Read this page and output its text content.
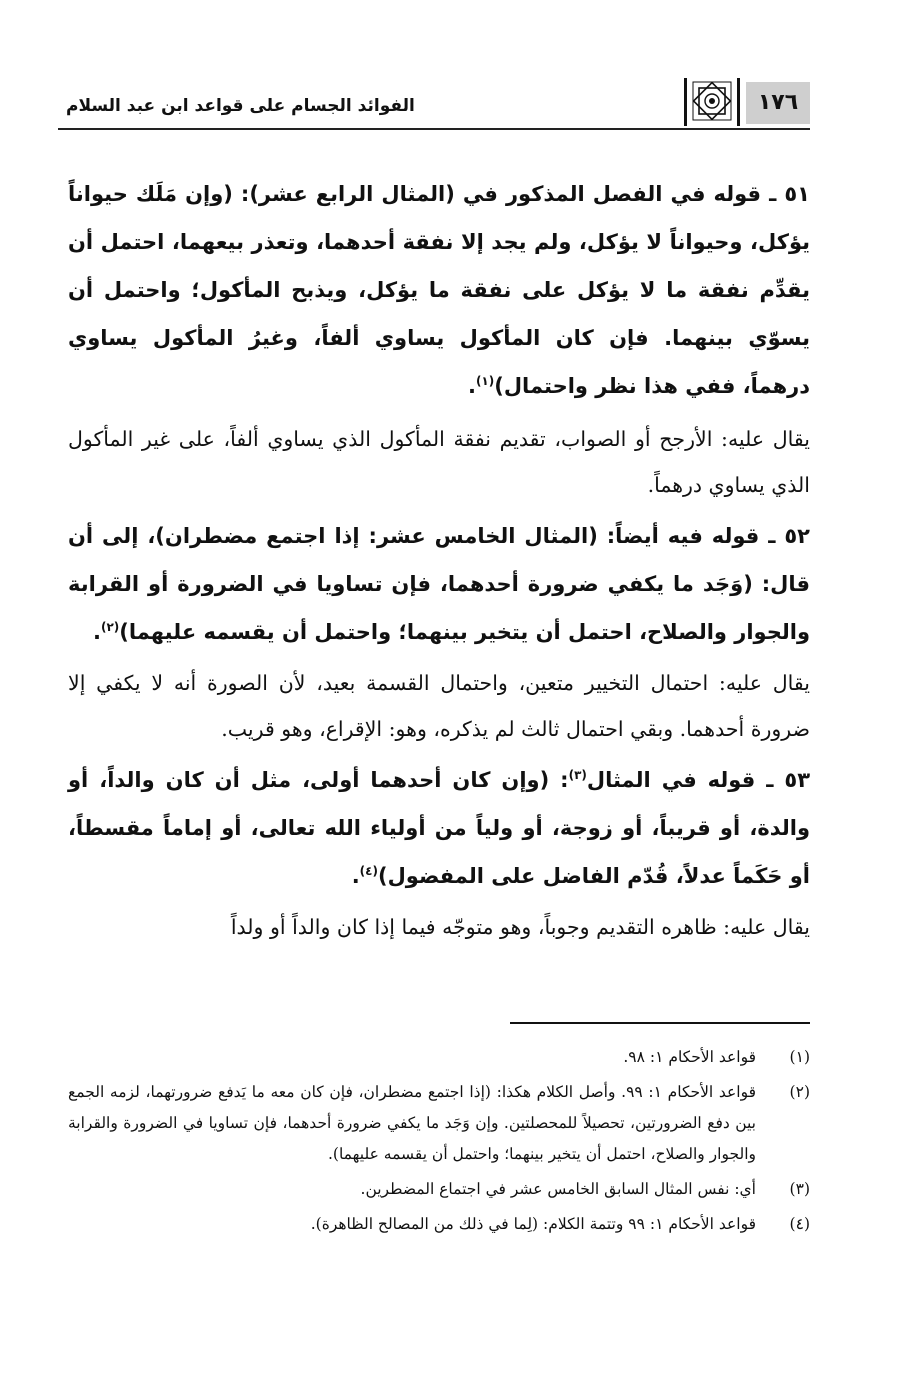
١٧٦
الفوائد الجسام على قواعد ابن عبد السلام

٥١ ـ قوله في الفصل المذكور في (المثال الرابع عشر): (وإن مَلَك حيواناً يؤكل، وحيواناً لا يؤكل، ولم يجد إلا نفقة أحدهما، وتعذر بيعهما، احتمل أن يقدِّم نفقة ما لا يؤكل على نفقة ما يؤكل، ويذبح المأكول؛ واحتمل أن يسوّي بينهما. فإن كان المأكول يساوي ألفاً، وغيرُ المأكول يساوي درهماً، ففي هذا نظر واحتمال)$^{(١)}$.

يقال عليه: الأرجح أو الصواب، تقديم نفقة المأكول الذي يساوي ألفاً، على غير المأكول الذي يساوي درهماً.

٥٢ ـ قوله فيه أيضاً: (المثال الخامس عشر: إذا اجتمع مضطران)، إلى أن قال: (وَجَد ما يكفي ضرورة أحدهما، فإن تساويا في الضرورة أو القرابة والجوار والصلاح، احتمل أن يتخير بينهما؛ واحتمل أن يقسمه عليهما)$^{(٢)}$.

يقال عليه: احتمال التخيير متعين، واحتمال القسمة بعيد، لأن الصورة أنه لا يكفي إلا ضرورة أحدهما. وبقي احتمال ثالث لم يذكره، وهو: الإقراع، وهو قريب.

٥٣ ـ قوله في المثال$^{(٣)}$: (وإن كان أحدهما أولى، مثل أن كان والداً، أو والدة، أو قريباً، أو زوجة، أو ولياً من أولياء الله تعالى، أو إماماً مقسطاً، أو حَكَماً عدلاً، قُدّم الفاضل على المفضول)$^{(٤)}$.

يقال عليه: ظاهره التقديم وجوباً، وهو متوجّه فيما إذا كان والداً أو ولداً

(١)
قواعد الأحكام ١: ٩٨.
(٢)
قواعد الأحكام ١: ٩٩. وأصل الكلام هكذا: (إذا اجتمع مضطران، فإن كان معه ما يَدفع ضرورتهما، لزمه الجمع بين دفع الضرورتين، تحصيلاً للمحصلتين. وإن وَجَد ما يكفي ضرورة أحدهما، فإن تساويا في الضرورة والقرابة والجوار والصلاح، احتمل أن يتخير بينهما؛ واحتمل أن يقسمه عليهما).
(٣)
أي: نفس المثال السابق الخامس عشر في اجتماع المضطرين.
(٤)
قواعد الأحكام ١: ٩٩ وتتمة الكلام: (لِما في ذلك من المصالح الظاهرة).
